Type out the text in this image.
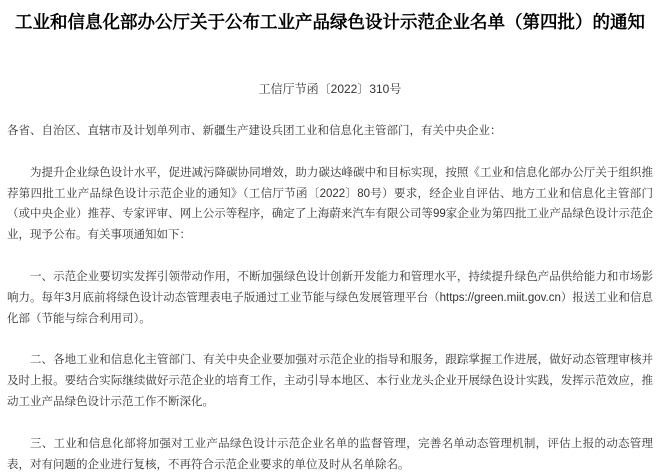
工业和信息化部办公厅关于公布工业产品绿色设计示范企业名单（第四批）的通知
工信厅节函〔2022〕310号

各省、自治区、直辖市及计划单列市、新疆生产建设兵团工业和信息化主管部门，有关中央企业：

为提升企业绿色设计水平，促进减污降碳协同增效，助力碳达峰碳中和目标实现，按照《工业和信息化部办公厅关于组织推荐第四批工业产品绿色设计示范企业的通知》（工信厅节函〔2022〕80号）要求，经企业自评估、地方工业和信息化主管部门（或中央企业）推荐、专家评审、网上公示等程序，确定了上海蔚来汽车有限公司等99家企业为第四批工业产品绿色设计示范企业，现予公布。有关事项通知如下：

一、示范企业要切实发挥引领带动作用，不断加强绿色设计创新开发能力和管理水平，持续提升绿色产品供给能力和市场影响力。每年3月底前将绿色设计动态管理表电子版通过工业节能与绿色发展管理平台（https://green.miit.gov.cn）报送工业和信息化部（节能与综合利用司）。

二、各地工业和信息化主管部门、有关中央企业要加强对示范企业的指导和服务，跟踪掌握工作进展，做好动态管理审核并及时上报。要结合实际继续做好示范企业的培育工作，主动引导本地区、本行业龙头企业开展绿色设计实践，发挥示范效应，推动工业产品绿色设计示范工作不断深化。

三、工业和信息化部将加强对工业产品绿色设计示范企业名单的监督管理，完善名单动态管理机制，评估上报的动态管理表，对有问题的企业进行复核，不再符合示范企业要求的单位及时从名单除名。
